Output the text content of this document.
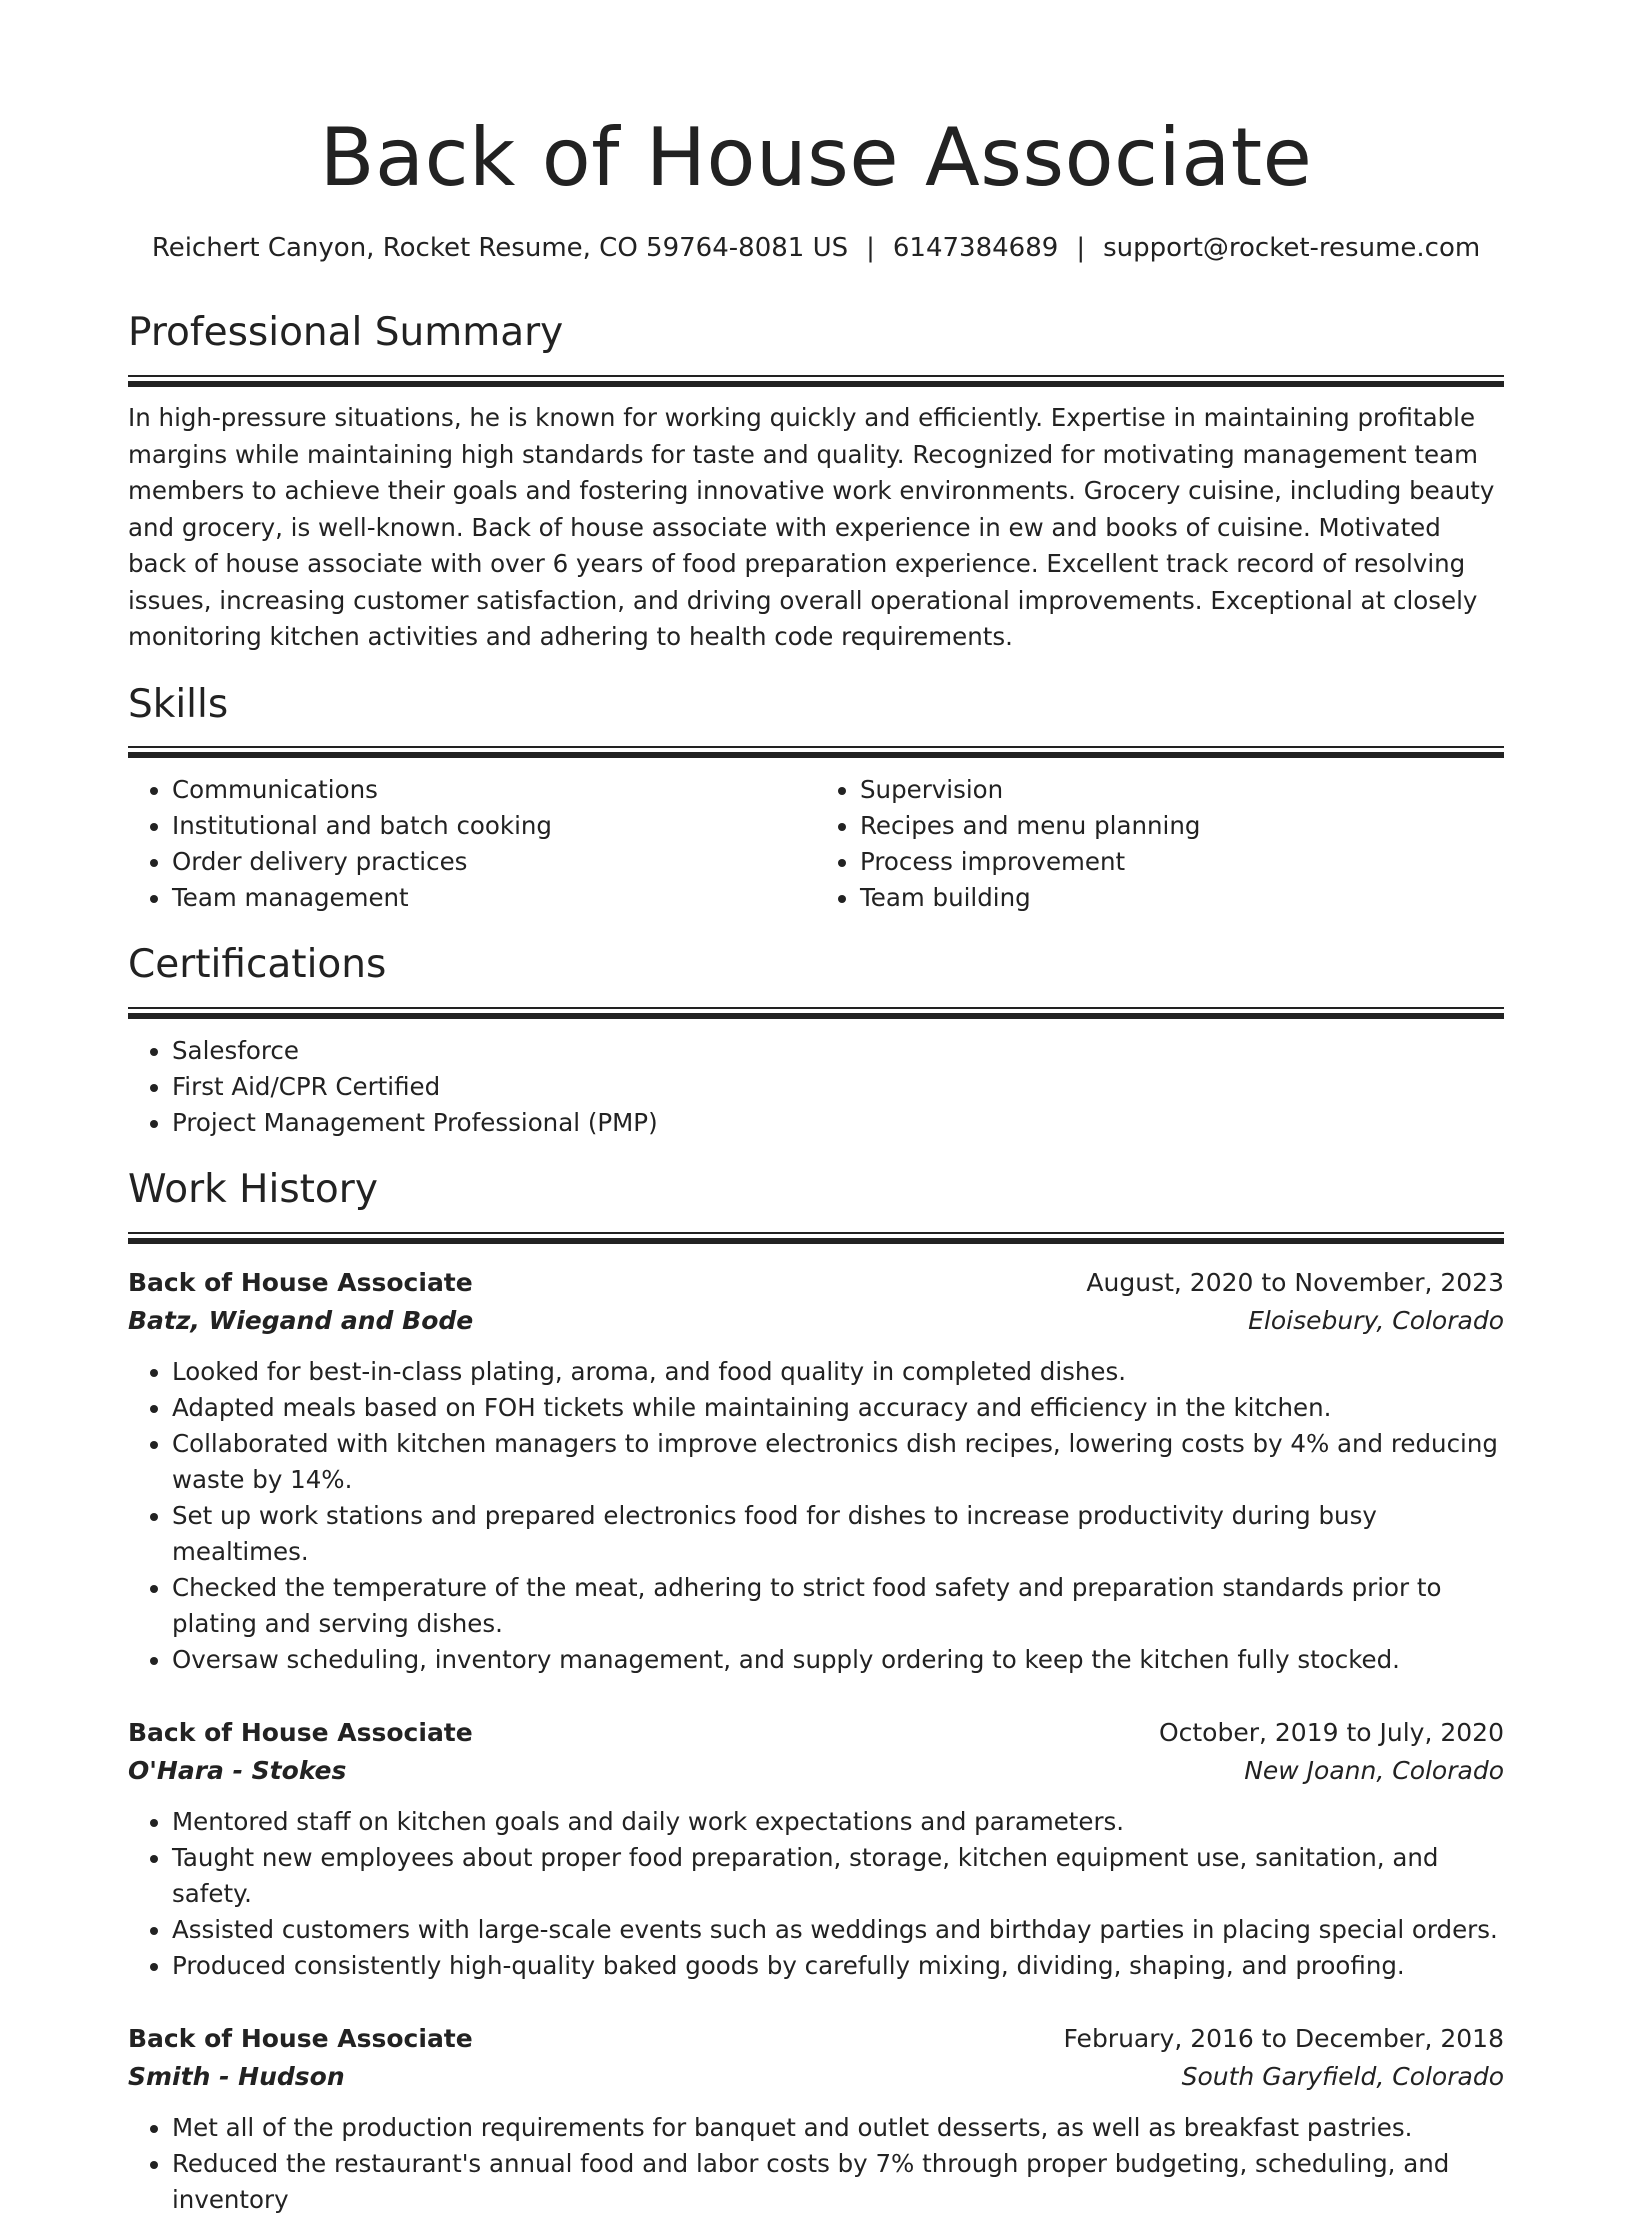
Back of House Associate
Reichert Canyon, Rocket Resume, CO 59764-8081 US | 6147384689 | support@rocket-resume.com
Professional Summary

In high-pressure situations, he is known for working quickly and efficiently. Expertise in maintaining profitable margins while maintaining high standards for taste and quality. Recognized for motivating management team members to achieve their goals and fostering innovative work environments. Grocery cuisine, including beauty and grocery, is well-known. Back of house associate with experience in ew and books of cuisine. Motivated back of house associate with over 6 years of food preparation experience. Excellent track record of resolving issues, increasing customer satisfaction, and driving overall operational improvements. Exceptional at closely monitoring kitchen activities and adhering to health code requirements.

Skills
• Communications
• Institutional and batch cooking
• Order delivery practices
• Team management
• Supervision
• Recipes and menu planning
• Process improvement
• Team building
Certifications
• Salesforce
• First Aid/CPR Certified
• Project Management Professional (PMP)
Work History
Back of House Associate	August, 2020 to November, 2023
Batz, Wiegand and Bode	Eloisebury, Colorado
• Looked for best-in-class plating, aroma, and food quality in completed dishes.
• Adapted meals based on FOH tickets while maintaining accuracy and efficiency in the kitchen.
• Collaborated with kitchen managers to improve electronics dish recipes, lowering costs by 4% and reducing waste by 14%.
• Set up work stations and prepared electronics food for dishes to increase productivity during busy mealtimes.
• Checked the temperature of the meat, adhering to strict food safety and preparation standards prior to plating and serving dishes.
• Oversaw scheduling, inventory management, and supply ordering to keep the kitchen fully stocked.
Back of House Associate	October, 2019 to July, 2020
O'Hara - Stokes	New Joann, Colorado
• Mentored staff on kitchen goals and daily work expectations and parameters.
• Taught new employees about proper food preparation, storage, kitchen equipment use, sanitation, and safety.
• Assisted customers with large-scale events such as weddings and birthday parties in placing special orders.
• Produced consistently high-quality baked goods by carefully mixing, dividing, shaping, and proofing.
Back of House Associate	February, 2016 to December, 2018
Smith - Hudson	South Garyfield, Colorado
• Met all of the production requirements for banquet and outlet desserts, as well as breakfast pastries.
• Reduced the restaurant's annual food and labor costs by 7% through proper budgeting, scheduling, and inventory
